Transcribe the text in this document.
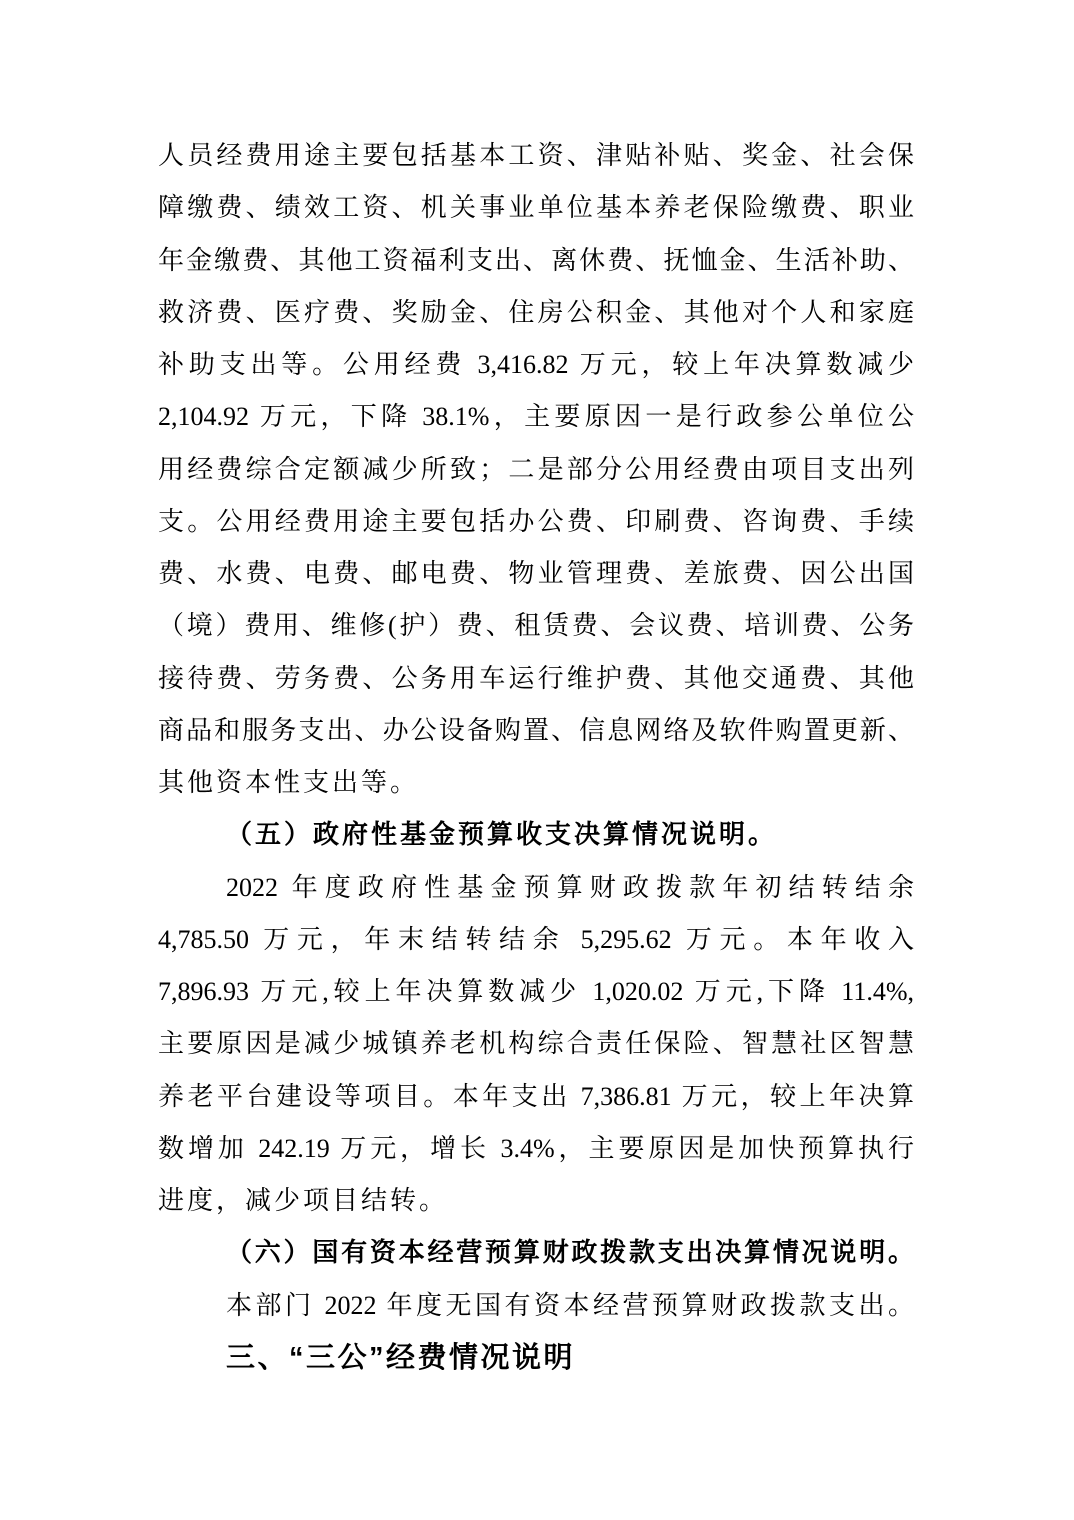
人员经费用途主要包括基本工资、津贴补贴、奖金、社会保
障缴费、绩效工资、机关事业单位基本养老保险缴费、职业
年金缴费、其他工资福利支出、离休费、抚恤金、生活补助、
救济费、医疗费、奖励金、住房公积金、其他对个人和家庭
补助支出等。公用经费 3,416.82 万元，较上年决算数减少
2,104.92 万元，下降 38.1%，主要原因一是行政参公单位公
用经费综合定额减少所致；二是部分公用经费由项目支出列
支。公用经费用途主要包括办公费、印刷费、咨询费、手续
费、水费、电费、邮电费、物业管理费、差旅费、因公出国
（境）费用、维修(护）费、租赁费、会议费、培训费、公务
接待费、劳务费、公务用车运行维护费、其他交通费、其他
商品和服务支出、办公设备购置、信息网络及软件购置更新、
其他资本性支出等。
（五）政府性基金预算收支决算情况说明。
2022 年度政府性基金预算财政拨款年初结转结余
4,785.50 万元，年末结转结余 5,295.62 万元。本年收入
7,896.93 万元,较上年决算数减少 1,020.02 万元,下降 11.4%,
主要原因是减少城镇养老机构综合责任保险、智慧社区智慧
养老平台建设等项目。本年支出 7,386.81 万元，较上年决算
数增加 242.19 万元，增长 3.4%，主要原因是加快预算执行
进度，减少项目结转。
（六）国有资本经营预算财政拨款支出决算情况说明。
本部门 2022 年度无国有资本经营预算财政拨款支出。
三、“三公”经费情况说明
